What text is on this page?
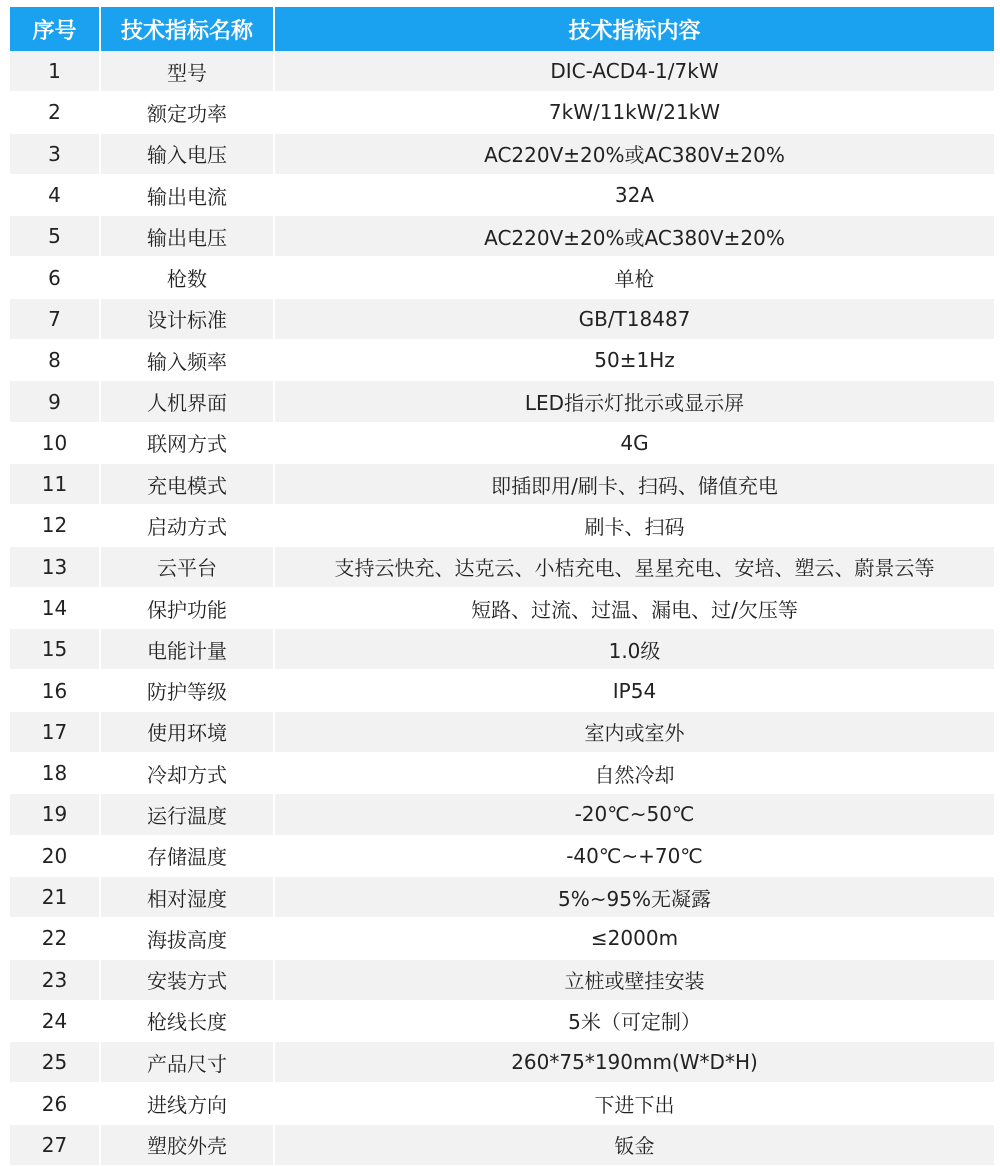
序号	技术指标名称	技术指标内容
1	型号	DIC-ACD4-1/7kW
2	额定功率	7kW/11kW/21kW
3	输入电压	AC220V±20%或AC380V±20%
4	输出电流	32A
5	输出电压	AC220V±20%或AC380V±20%
6	枪数	单枪
7	设计标准	GB/T18487
8	输入频率	50±1Hz
9	人机界面	LED指示灯批示或显示屏
10	联网方式	4G
11	充电模式	即插即用/刷卡、扫码、储值充电
12	启动方式	刷卡、扫码
13	云平台	支持云快充、达克云、小桔充电、星星充电、安培、塑云、蔚景云等
14	保护功能	短路、过流、过温、漏电、过/欠压等
15	电能计量	1.0级
16	防护等级	IP54
17	使用环境	室内或室外
18	冷却方式	自然冷却
19	运行温度	-20℃~50℃
20	存储温度	-40℃~+70℃
21	相对湿度	5%~95%无凝露
22	海拔高度	≤2000m
23	安装方式	立桩或壁挂安装
24	枪线长度	5米（可定制）
25	产品尺寸	260*75*190mm(W*D*H)
26	进线方向	下进下出
27	塑胶外壳	钣金
